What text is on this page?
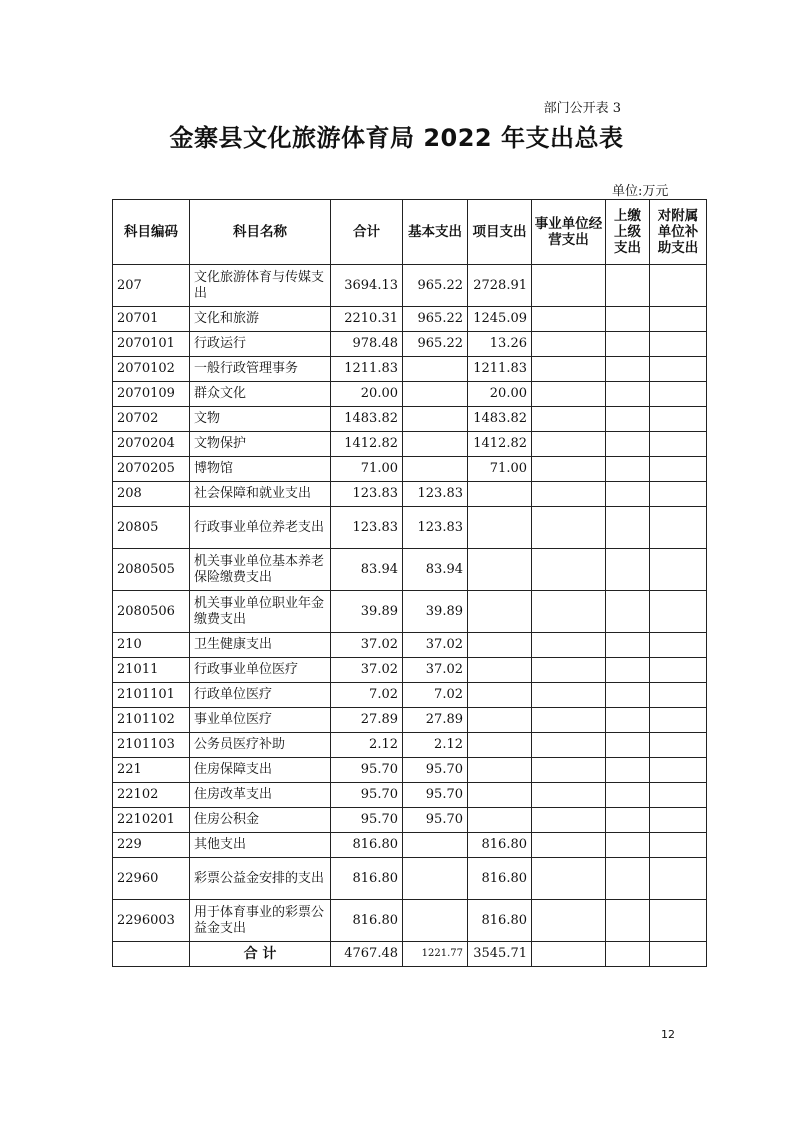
部门公开表 3
金寨县文化旅游体育局 2022 年支出总表
单位:万元
科目编码	科目名称	合计	基本支出	项目支出	事业单位经营支出	上缴上级支出	对附属单位补助支出
207	文化旅游体育与传媒支出	3694.13	965.22	2728.91			
20701	文化和旅游	2210.31	965.22	1245.09			
2070101	行政运行	978.48	965.22	13.26			
2070102	一般行政管理事务	1211.83		1211.83			
2070109	群众文化	20.00		20.00			
20702	文物	1483.82		1483.82			
2070204	文物保护	1412.82		1412.82			
2070205	博物馆	71.00		71.00			
208	社会保障和就业支出	123.83	123.83				
20805	行政事业单位养老支出	123.83	123.83				
2080505	机关事业单位基本养老保险缴费支出	83.94	83.94				
2080506	机关事业单位职业年金缴费支出	39.89	39.89				
210	卫生健康支出	37.02	37.02				
21011	行政事业单位医疗	37.02	37.02				
2101101	行政单位医疗	7.02	7.02				
2101102	事业单位医疗	27.89	27.89				
2101103	公务员医疗补助	2.12	2.12				
221	住房保障支出	95.70	95.70				
22102	住房改革支出	95.70	95.70				
2210201	住房公积金	95.70	95.70				
229	其他支出	816.80		816.80			
22960	彩票公益金安排的支出	816.80		816.80			
2296003	用于体育事业的彩票公益金支出	816.80		816.80			
	合 计	4767.48	1221.77	3545.71			
12
